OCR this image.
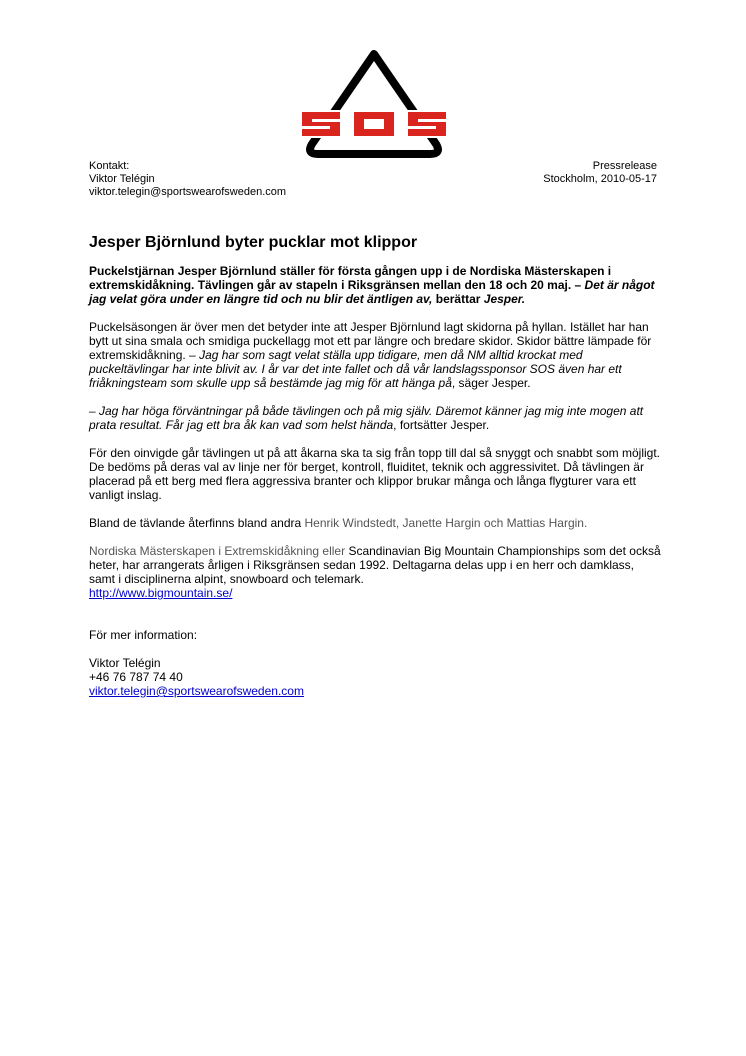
Kontakt:
Viktor Telégin
viktor.telegin@sportswearofsweden.com
Pressrelease
Stockholm, 2010-05-17
Jesper Björnlund byter pucklar mot klippor

Puckelstjärnan Jesper Björnlund ställer för första gången upp i de Nordiska Mästerskapen i extremskidåkning. Tävlingen går av stapeln i Riksgränsen mellan den 18 och 20 maj. – Det är något jag velat göra under en längre tid och nu blir det äntligen av, berättar Jesper.

Puckelsäsongen är över men det betyder inte att Jesper Björnlund lagt skidorna på hyllan. Istället har han bytt ut sina smala och smidiga puckellagg mot ett par längre och bredare skidor. Skidor bättre lämpade för extremskidåkning. – Jag har som sagt velat ställa upp tidigare, men då NM alltid krockat med puckeltävlingar har inte blivit av. I år var det inte fallet och då vår landslagssponsor SOS även har ett friåkningsteam som skulle upp så bestämde jag mig för att hänga på, säger Jesper.

– Jag har höga förväntningar på både tävlingen och på mig själv. Däremot känner jag mig inte mogen att prata resultat. Får jag ett bra åk kan vad som helst hända, fortsätter Jesper.

För den oinvigde går tävlingen ut på att åkarna ska ta sig från topp till dal så snyggt och snabbt som möjligt. De bedöms på deras val av linje ner för berget, kontroll, fluiditet, teknik och aggressivitet. Då tävlingen är placerad på ett berg med flera aggressiva branter och klippor brukar många och långa flygturer vara ett vanligt inslag.

Bland de tävlande återfinns bland andra Henrik Windstedt, Janette Hargin och Mattias Hargin.

Nordiska Mästerskapen i Extremskidåkning eller Scandinavian Big Mountain Championships som det också heter, har arrangerats årligen i Riksgränsen sedan 1992. Deltagarna delas upp i en herr och damklass, samt i disciplinerna alpint, snowboard och telemark.
http://www.bigmountain.se/

För mer information:

Viktor Telégin
+46 76 787 74 40
viktor.telegin@sportswearofsweden.com
